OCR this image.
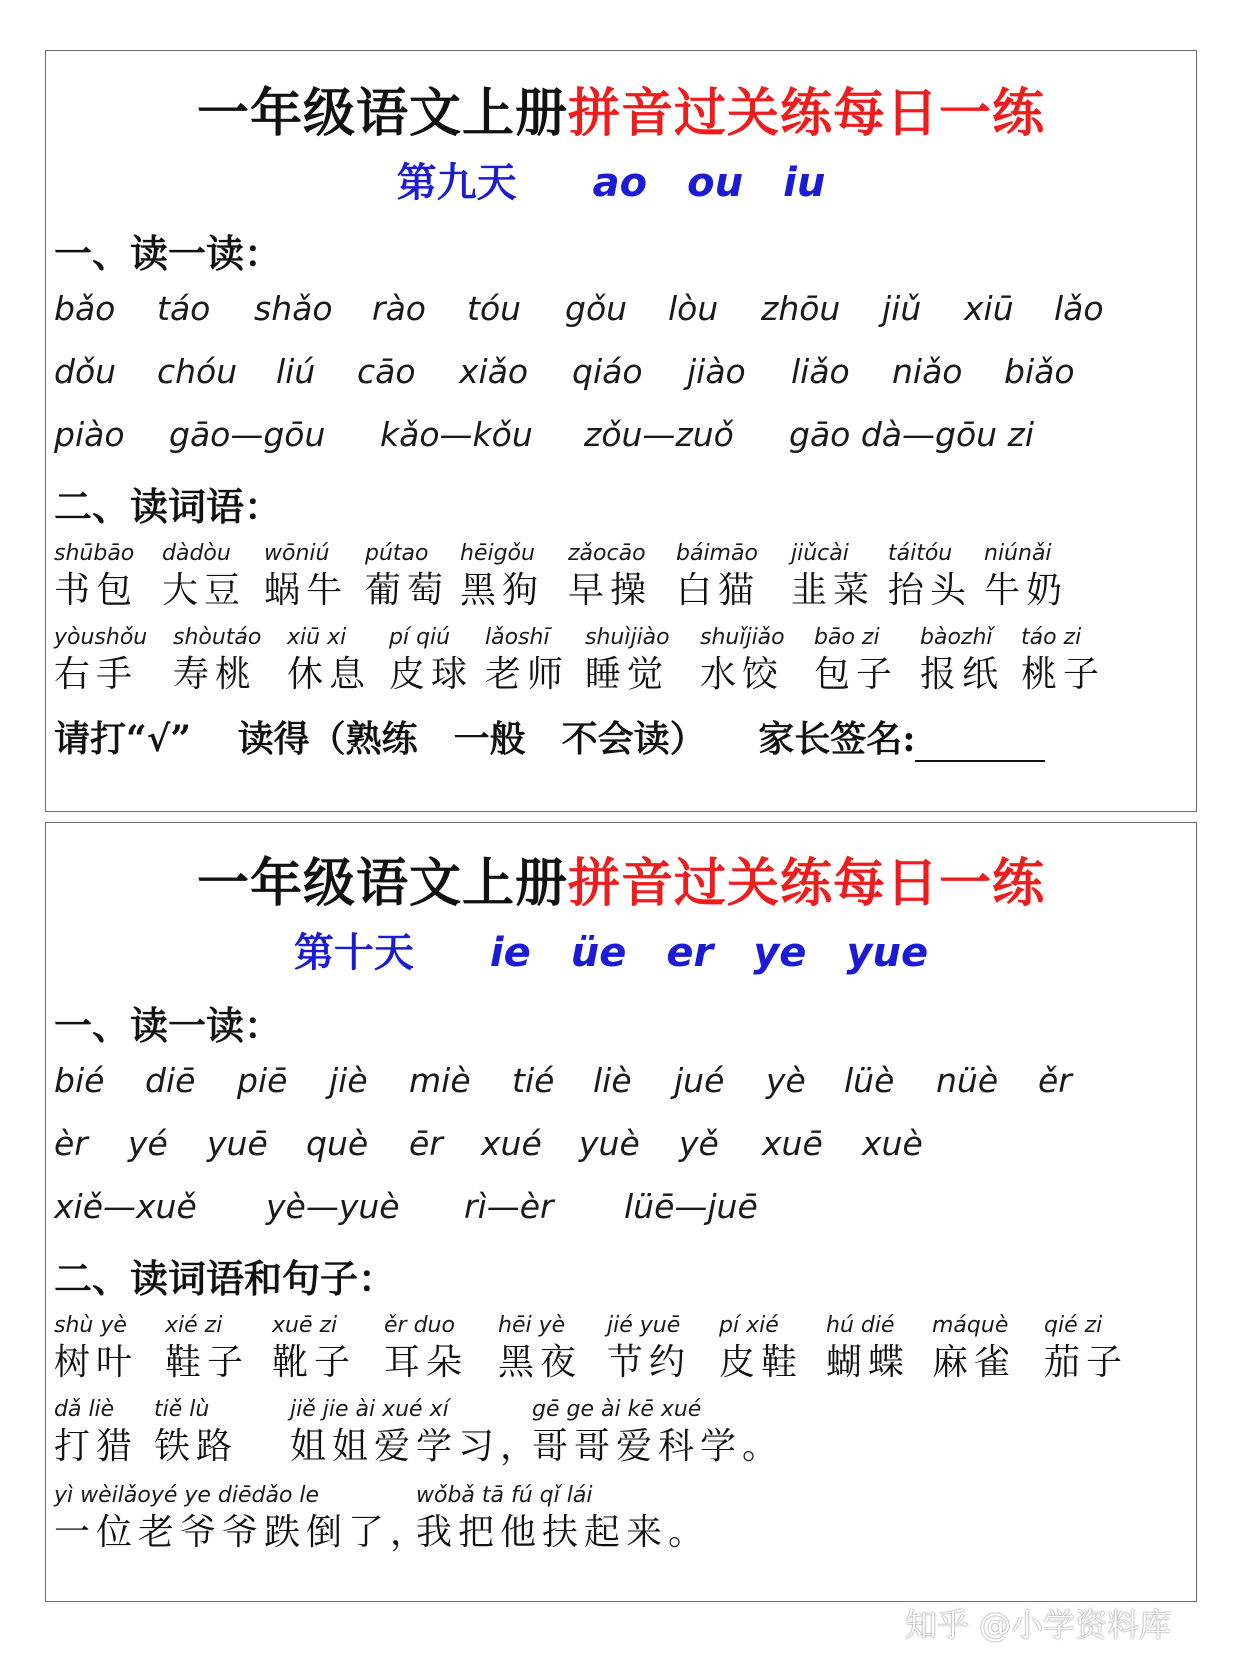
一年级语文上册拼音过关练每日一练
第九天 ao ou iu
一、读一读：
bǎo táo shǎo rào tóu gǒu lòu zhōu jiǔ xiū lǎo
dǒu chóu liú cāo xiǎo qiáo jiào liǎo niǎo biǎo
piào gāo—gōu kǎo—kǒu zǒu—zuǒ gāo dà—gōu zi
二、读词语：
shūbāo
书包
dàdòu
大豆
wōniú
蜗牛
pútao
葡萄
hēigǒu
黑狗
zǎocāo
早操
báimāo
白猫
jiǔcài
韭菜
táitóu
抬头
niúnǎi
牛奶
yòushǒu
右手
shòutáo
寿桃
xiū xi
休息
pí qiú
皮球
lǎoshī
老师
shuìjiào
睡觉
shuǐjiǎo
水饺
bāo zi
包子
bàozhǐ
报纸
táo zi
桃子
请打“√” 读得（熟练　一般　不会读） 家长签名:
一年级语文上册拼音过关练每日一练
第十天 ie üe er ye yue
一、读一读：
bié diē piē jiè miè tié liè jué yè lüè nüè ěr
èr yé yuē què ēr xué yuè yě xuē xuè
xiě—xuě yè—yuè rì—èr lüē—juē
二、读词语和句子：
shù yè
树叶
xié zi
鞋子
xuē zi
靴子
ěr duo
耳朵
hēi yè
黑夜
jié yuē
节约
pí xié
皮鞋
hú dié
蝴蝶
máquè
麻雀
qié zi
茄子
dǎ liè
打猎
tiě lù
铁路
jiě jie ài xué xí
姐姐爱学习，
gē ge ài kē xué
哥哥爱科学。
yì wèilǎoyé ye diēdǎo le
一位老爷爷跌倒了，
wǒbǎ tā fú qǐ lái
我把他扶起来。
知乎 @小学资料库
